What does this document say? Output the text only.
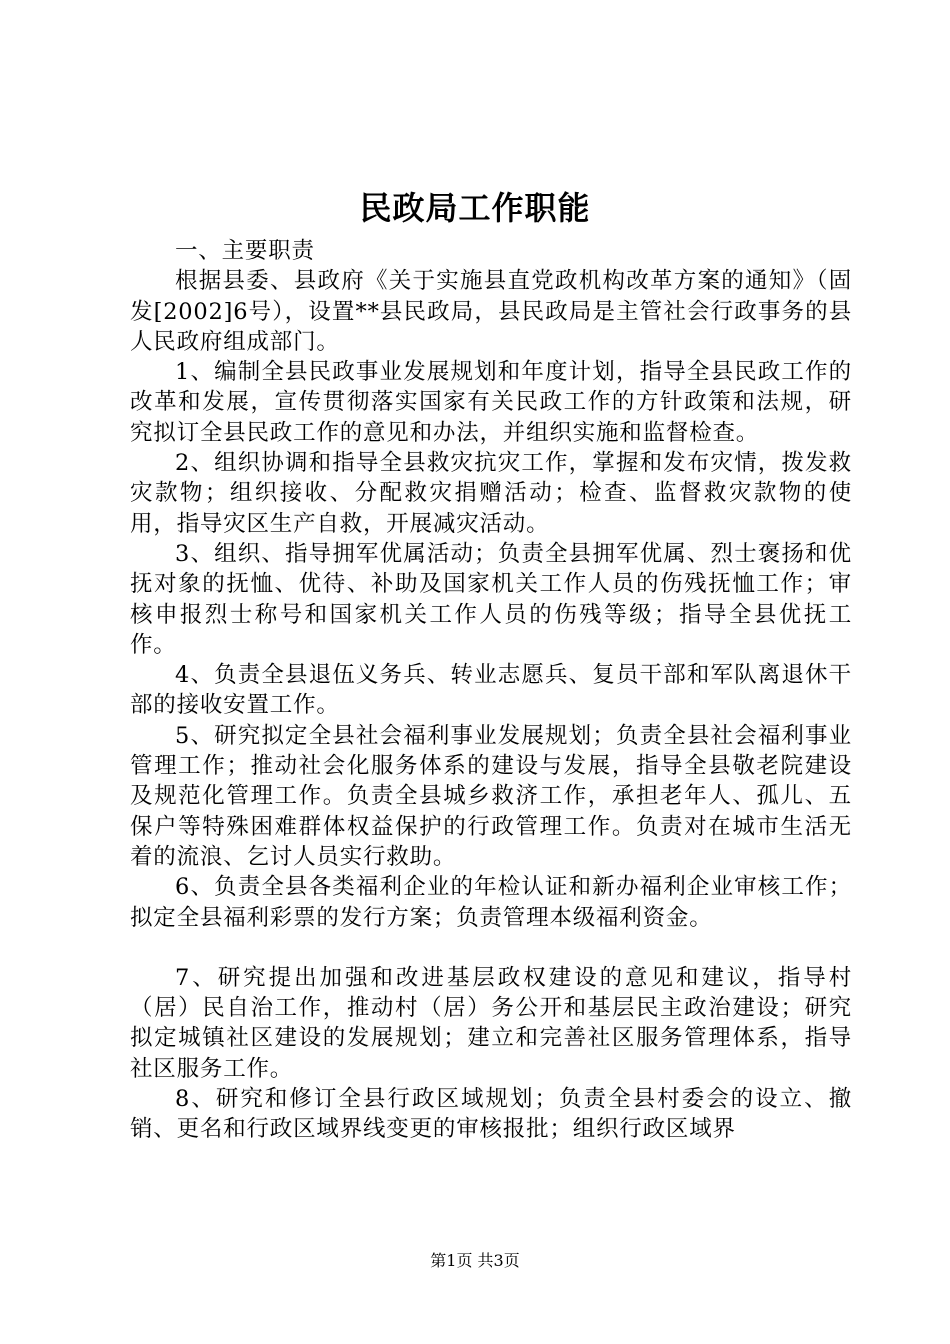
民政局工作职能

一、主要职责

根据县委、县政府《关于实施县直党政机构改革方案的通知》（固发[2002]6号），设置**县民政局，县民政局是主管社会行政事务的县人民政府组成部门。

1、编制全县民政事业发展规划和年度计划，指导全县民政工作的改革和发展，宣传贯彻落实国家有关民政工作的方针政策和法规，研究拟订全县民政工作的意见和办法，并组织实施和监督检查。

2、组织协调和指导全县救灾抗灾工作，掌握和发布灾情，拨发救灾款物；组织接收、分配救灾捐赠活动；检查、监督救灾款物的使用，指导灾区生产自救，开展减灾活动。

3、组织、指导拥军优属活动；负责全县拥军优属、烈士褒扬和优抚对象的抚恤、优待、补助及国家机关工作人员的伤残抚恤工作；审核申报烈士称号和国家机关工作人员的伤残等级；指导全县优抚工作。

4、负责全县退伍义务兵、转业志愿兵、复员干部和军队离退休干部的接收安置工作。

5、研究拟定全县社会福利事业发展规划；负责全县社会福利事业管理工作；推动社会化服务体系的建设与发展，指导全县敬老院建设及规范化管理工作。负责全县城乡救济工作，承担老年人、孤儿、五保户等特殊困难群体权益保护的行政管理工作。负责对在城市生活无着的流浪、乞讨人员实行救助。

6、负责全县各类福利企业的年检认证和新办福利企业审核工作；拟定全县福利彩票的发行方案；负责管理本级福利资金。

7、研究提出加强和改进基层政权建设的意见和建议，指导村（居）民自治工作，推动村（居）务公开和基层民主政治建设；研究拟定城镇社区建设的发展规划；建立和完善社区服务管理体系，指导社区服务工作。

8、研究和修订全县行政区域规划；负责全县村委会的设立、撤销、更名和行政区域界线变更的审核报批；组织行政区域界

第1页 共3页
